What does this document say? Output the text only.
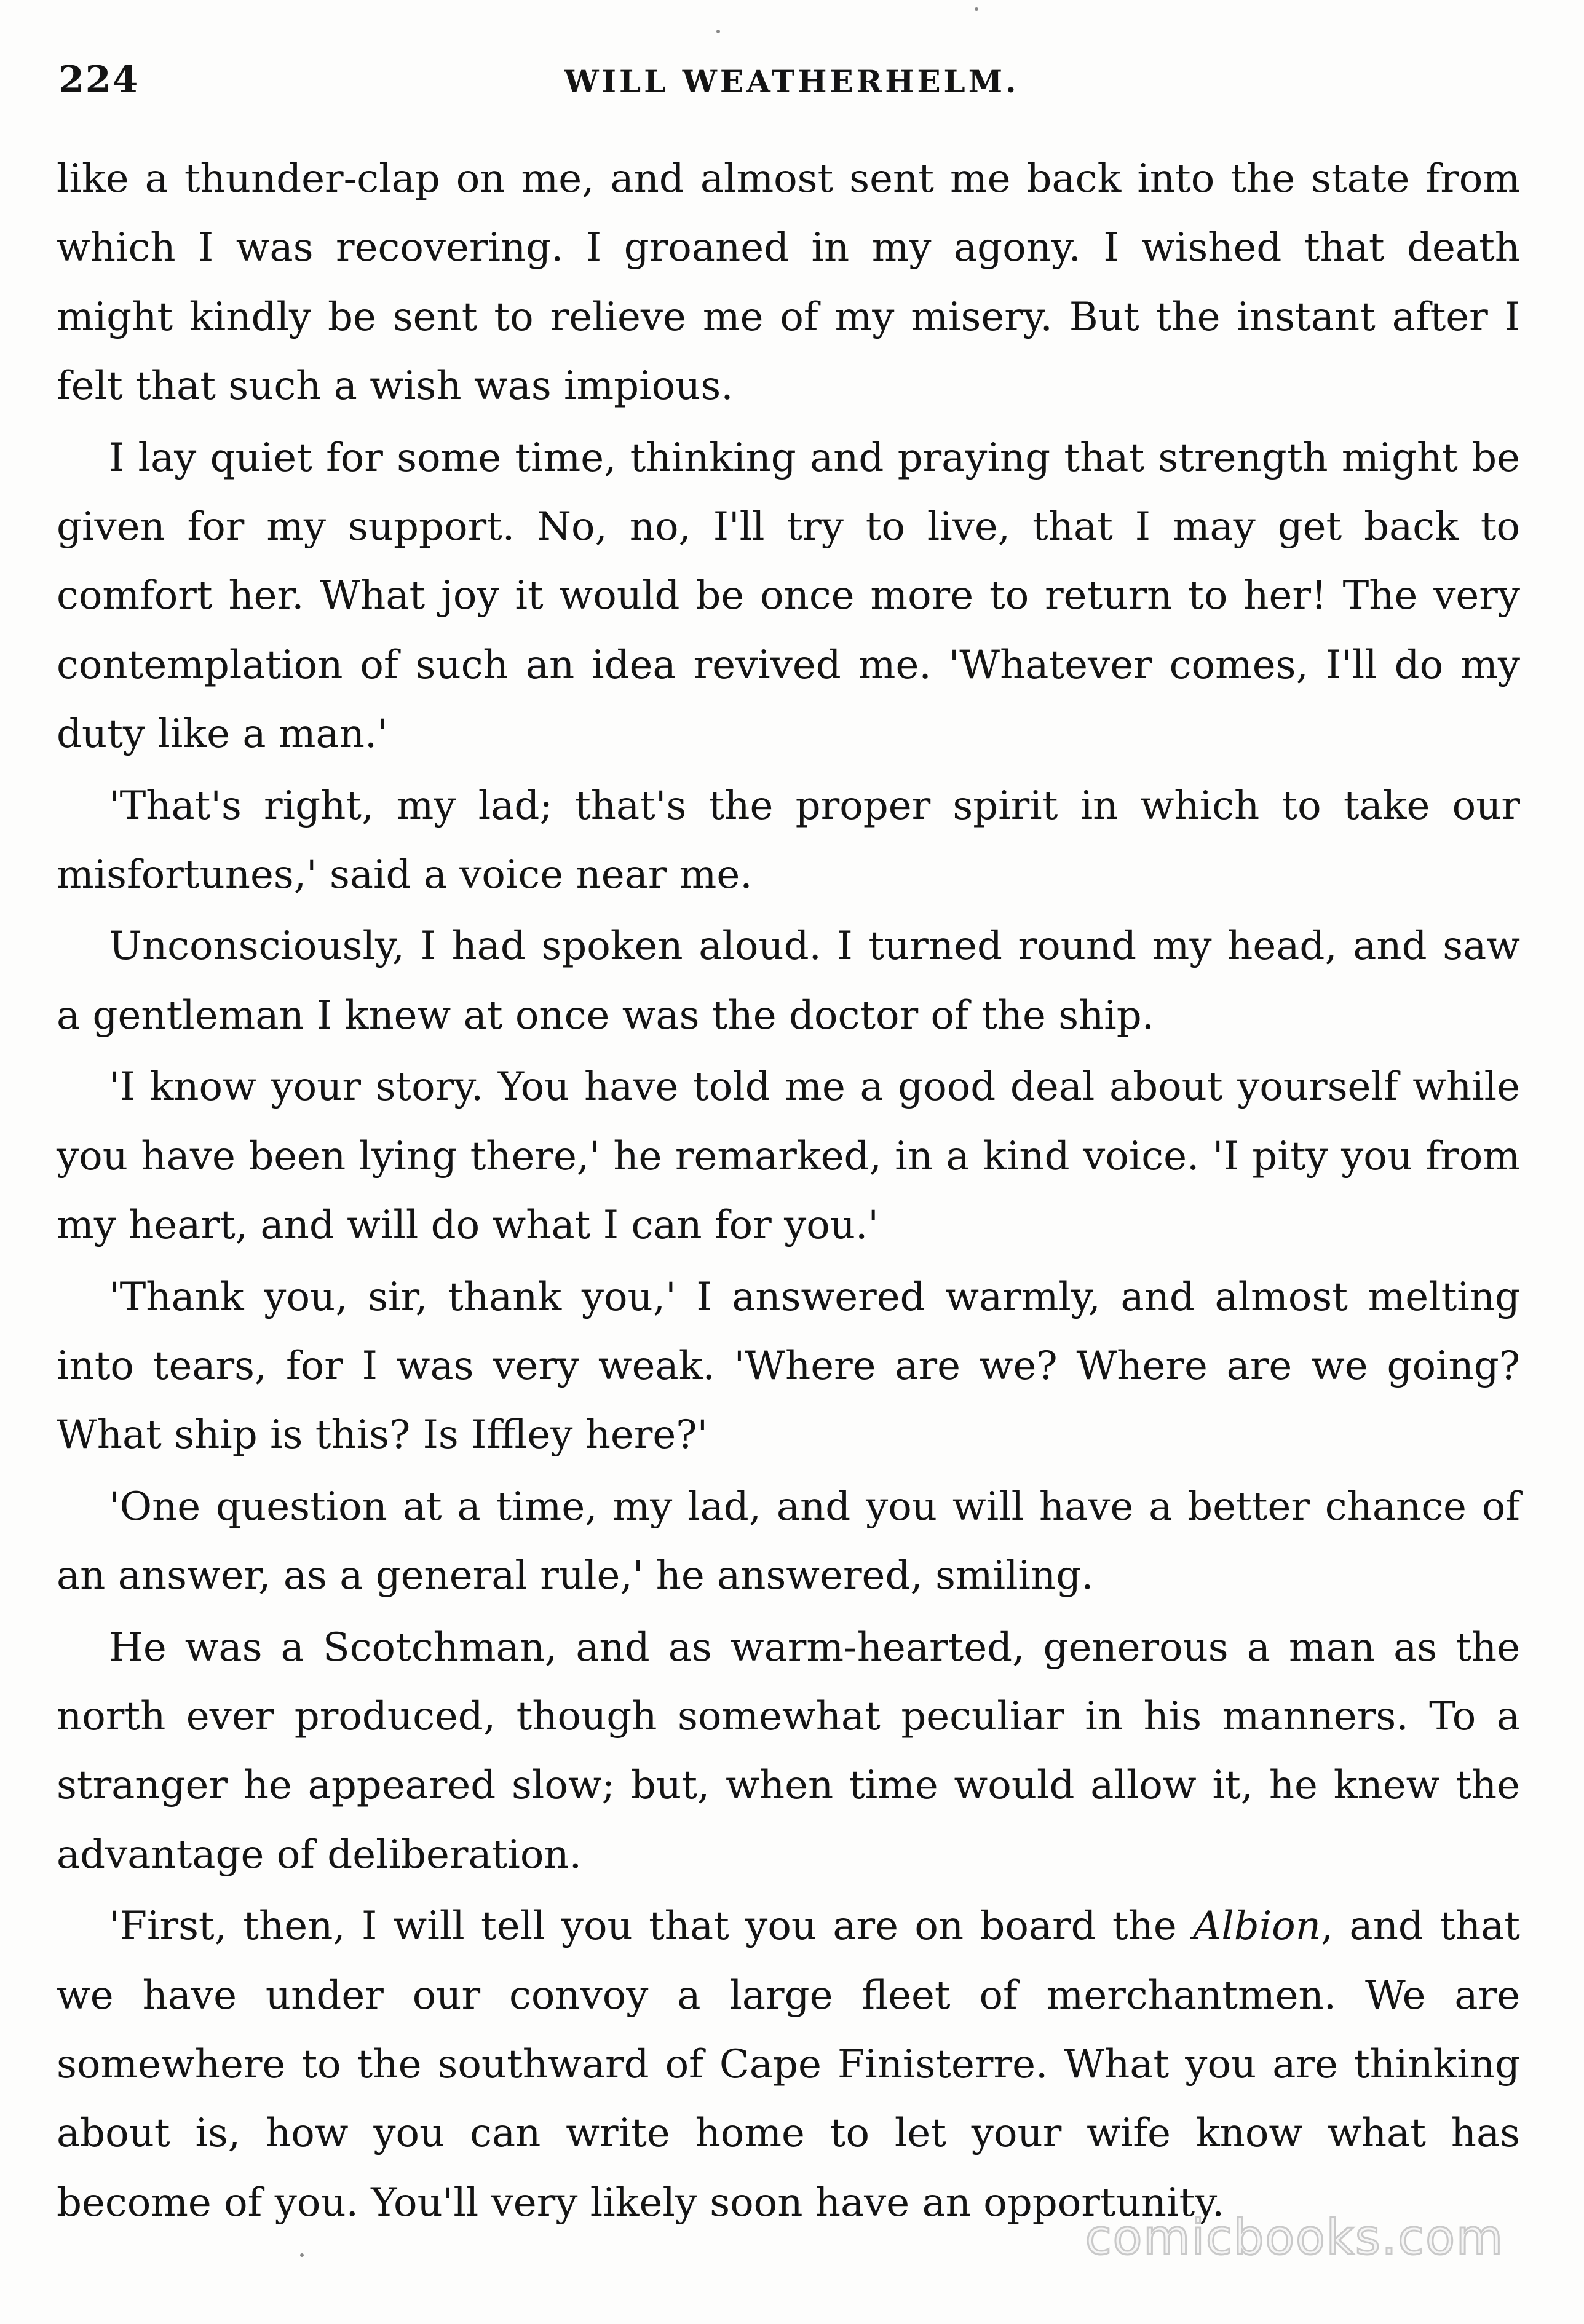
224	WILL WEATHERHELM.

like a thunder-clap on me, and almost sent me back into the state from which I was recovering. I groaned in my agony. I wished that death might kindly be sent to relieve me of my misery. But the instant after I felt that such a wish was impious.

I lay quiet for some time, thinking and praying that strength might be given for my support. No, no, I'll try to live, that I may get back to comfort her. What joy it would be once more to return to her! The very contemplation of such an idea revived me. 'Whatever comes, I'll do my duty like a man.'

'That's right, my lad; that's the proper spirit in which to take our misfortunes,' said a voice near me.

Unconsciously, I had spoken aloud. I turned round my head, and saw a gentleman I knew at once was the doctor of the ship.

'I know your story. You have told me a good deal about yourself while you have been lying there,' he remarked, in a kind voice. 'I pity you from my heart, and will do what I can for you.'

'Thank you, sir, thank you,' I answered warmly, and almost melting into tears, for I was very weak. 'Where are we? Where are we going? What ship is this? Is Iffley here?'

'One question at a time, my lad, and you will have a better chance of an answer, as a general rule,' he answered, smiling.

He was a Scotchman, and as warm-hearted, generous a man as the north ever produced, though somewhat peculiar in his manners. To a stranger he appeared slow; but, when time would allow it, he knew the advantage of deliberation.

'First, then, I will tell you that you are on board the Albion, and that we have under our convoy a large fleet of merchantmen. We are somewhere to the southward of Cape Finisterre. What you are thinking about is, how you can write home to let your wife know what has become of you. You'll very likely soon have an opportunity.

comicbooks.com
